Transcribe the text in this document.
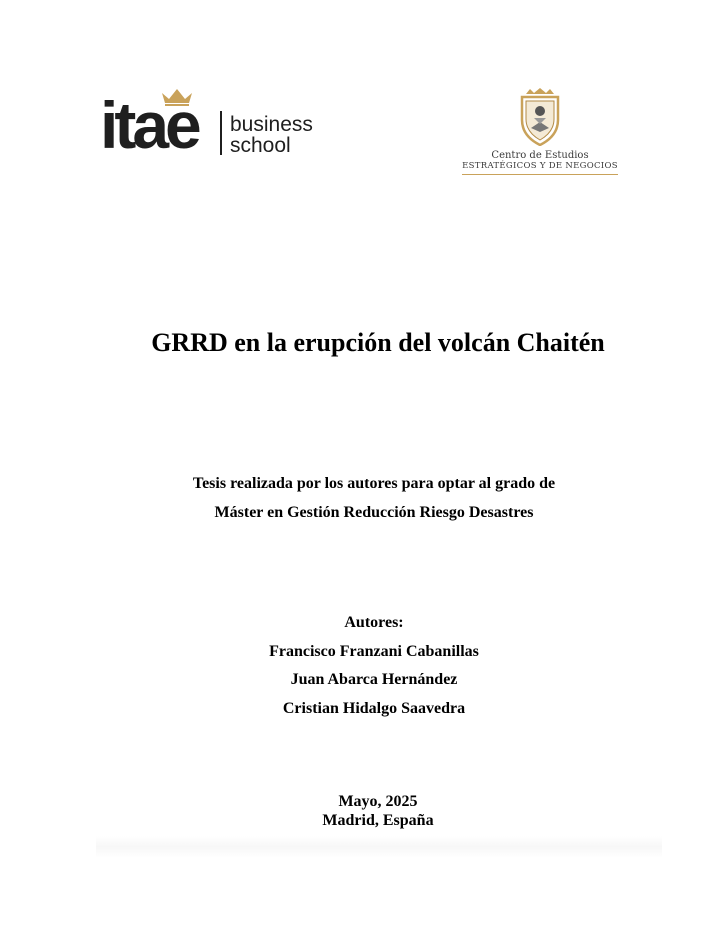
itae business
school	Centro de Estudios
ESTRATÉGICOS Y DE NEGOCIOS
GRRD en la erupción del volcán Chaitén
Tesis realizada por los autores para optar al grado de
Máster en Gestión Reducción Riesgo Desastres
Autores:
Francisco Franzani Cabanillas
Juan Abarca Hernández
Cristian Hidalgo Saavedra
Mayo, 2025
Madrid, España
